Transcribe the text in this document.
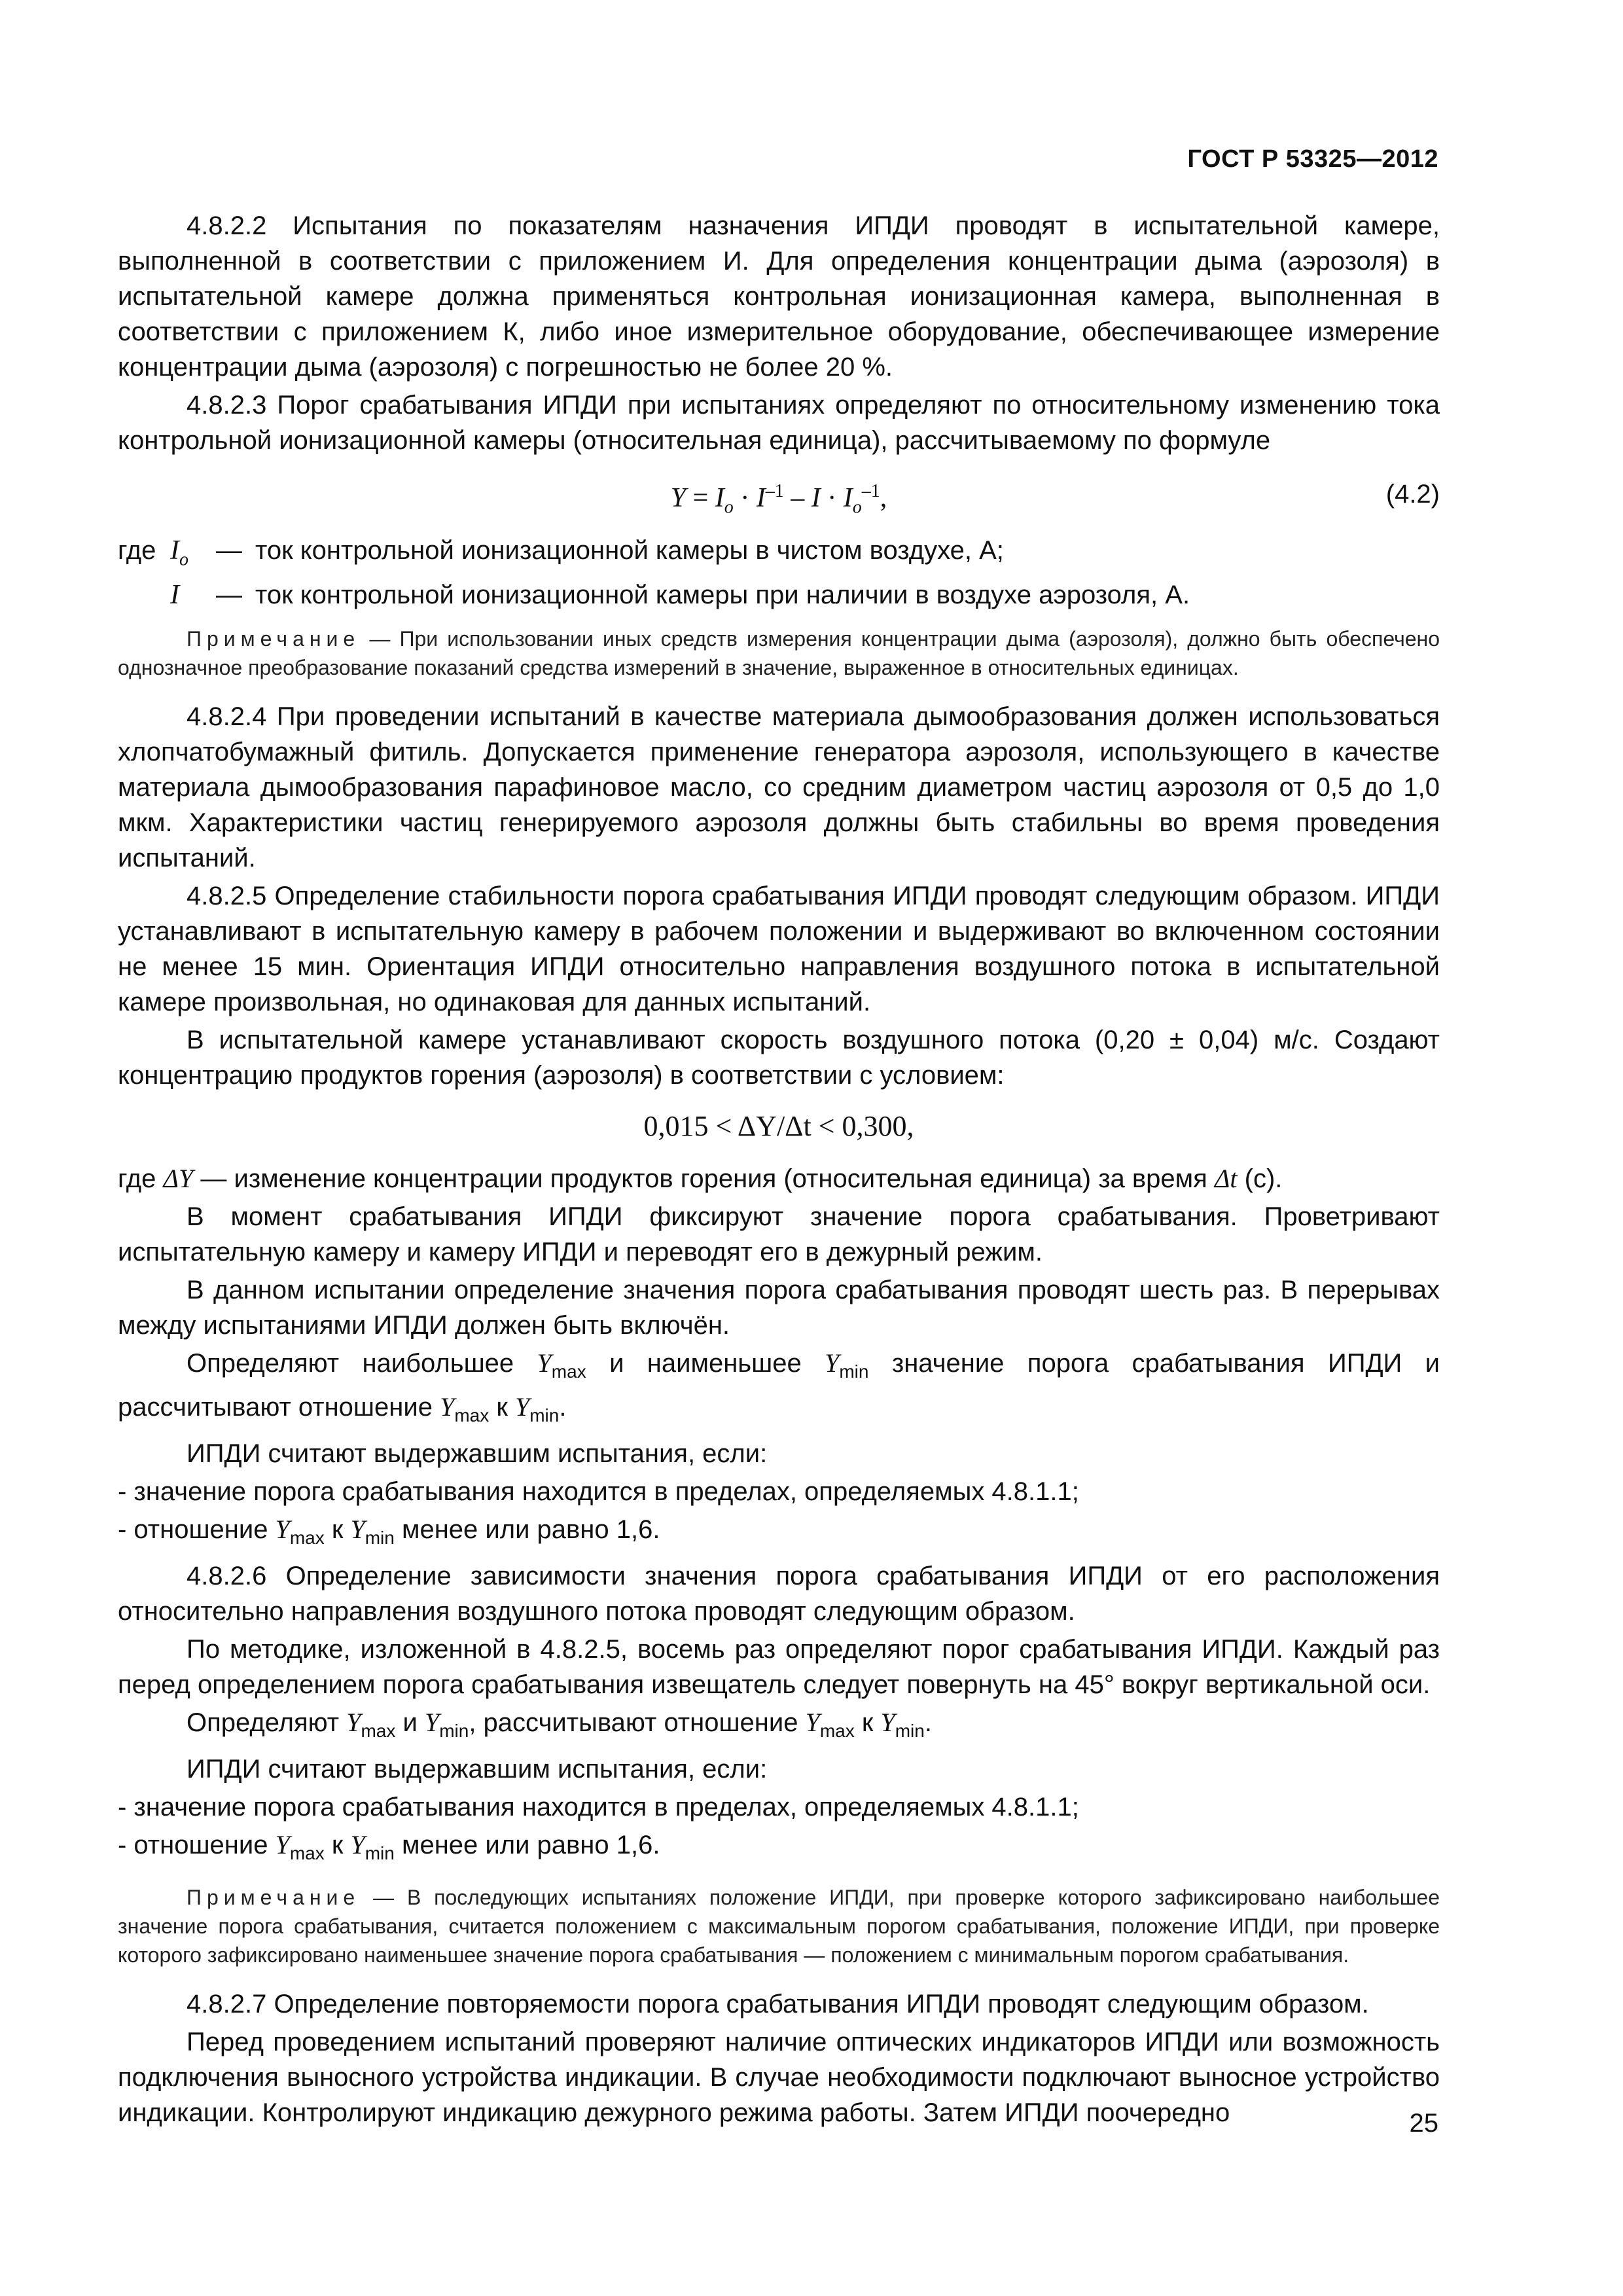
ГОСТ Р 53325—2012

4.8.2.2 Испытания по показателям назначения ИПДИ проводят в испытательной камере, выполненной в соответствии с приложением И. Для определения концентрации дыма (аэрозоля) в испытательной камере должна применяться контрольная ионизационная камера, выполненная в соответствии с приложением К, либо иное измерительное оборудование, обеспечивающее измерение концентрации дыма (аэрозоля) с погрешностью не более 20 %.

4.8.2.3 Порог срабатывания ИПДИ при испытаниях определяют по относительному изменению тока контрольной ионизационной камеры (относительная единица), рассчитываемому по формуле

$Y = I_o \cdot I^{-1} - I \cdot I_o^{-1}$,	(4.2)
где $I_o$	— ток контрольной ионизационной камеры в чистом воздухе, А;
I	— ток контрольной ионизационной камеры при наличии в воздухе аэрозоля, А.

Примечание — При использовании иных средств измерения концентрации дыма (аэрозоля), должно быть обеспечено однозначное преобразование показаний средства измерений в значение, выраженное в относительных единицах.

4.8.2.4 При проведении испытаний в качестве материала дымообразования должен использоваться хлопчатобумажный фитиль. Допускается применение генератора аэрозоля, использующего в качестве материала дымообразования парафиновое масло, со средним диаметром частиц аэрозоля от 0,5 до 1,0 мкм. Характеристики частиц генерируемого аэрозоля должны быть стабильны во время проведения испытаний.

4.8.2.5 Определение стабильности порога срабатывания ИПДИ проводят следующим образом. ИПДИ устанавливают в испытательную камеру в рабочем положении и выдерживают во включенном состоянии не менее 15 мин. Ориентация ИПДИ относительно направления воздушного потока в испытательной камере произвольная, но одинаковая для данных испытаний.

В испытательной камере устанавливают скорость воздушного потока (0,20 ± 0,04) м/с. Создают концентрацию продуктов горения (аэрозоля) в соответствии с условием:

0,015 < ΔY/Δt < 0,300,

где ΔY — изменение концентрации продуктов горения (относительная единица) за время Δt (с).

В момент срабатывания ИПДИ фиксируют значение порога срабатывания. Проветривают испытательную камеру и камеру ИПДИ и переводят его в дежурный режим.

В данном испытании определение значения порога срабатывания проводят шесть раз. В перерывах между испытаниями ИПДИ должен быть включён.

Определяют наибольшее $Y_{max}$ и наименьшее $Y_{min}$ значение порога срабатывания ИПДИ и рассчитывают отношение $Y_{max}$ к $Y_{min}$.

ИПДИ считают выдержавшим испытания, если:

- значение порога срабатывания находится в пределах, определяемых 4.8.1.1;

- отношение $Y_{max}$ к $Y_{min}$ менее или равно 1,6.

4.8.2.6 Определение зависимости значения порога срабатывания ИПДИ от его расположения относительно направления воздушного потока проводят следующим образом.

По методике, изложенной в 4.8.2.5, восемь раз определяют порог срабатывания ИПДИ. Каждый раз перед определением порога срабатывания извещатель следует повернуть на 45° вокруг вертикальной оси.

Определяют $Y_{max}$ и $Y_{min}$, рассчитывают отношение $Y_{max}$ к $Y_{min}$.

ИПДИ считают выдержавшим испытания, если:

- значение порога срабатывания находится в пределах, определяемых 4.8.1.1;

- отношение $Y_{max}$ к $Y_{min}$ менее или равно 1,6.

Примечание — В последующих испытаниях положение ИПДИ, при проверке которого зафиксировано наибольшее значение порога срабатывания, считается положением с максимальным порогом срабатывания, положение ИПДИ, при проверке которого зафиксировано наименьшее значение порога срабатывания — положением с минимальным порогом срабатывания.

4.8.2.7 Определение повторяемости порога срабатывания ИПДИ проводят следующим образом.

Перед проведением испытаний проверяют наличие оптических индикаторов ИПДИ или возможность подключения выносного устройства индикации. В случае необходимости подключают выносное устройство индикации. Контролируют индикацию дежурного режима работы. Затем ИПДИ поочередно	25
